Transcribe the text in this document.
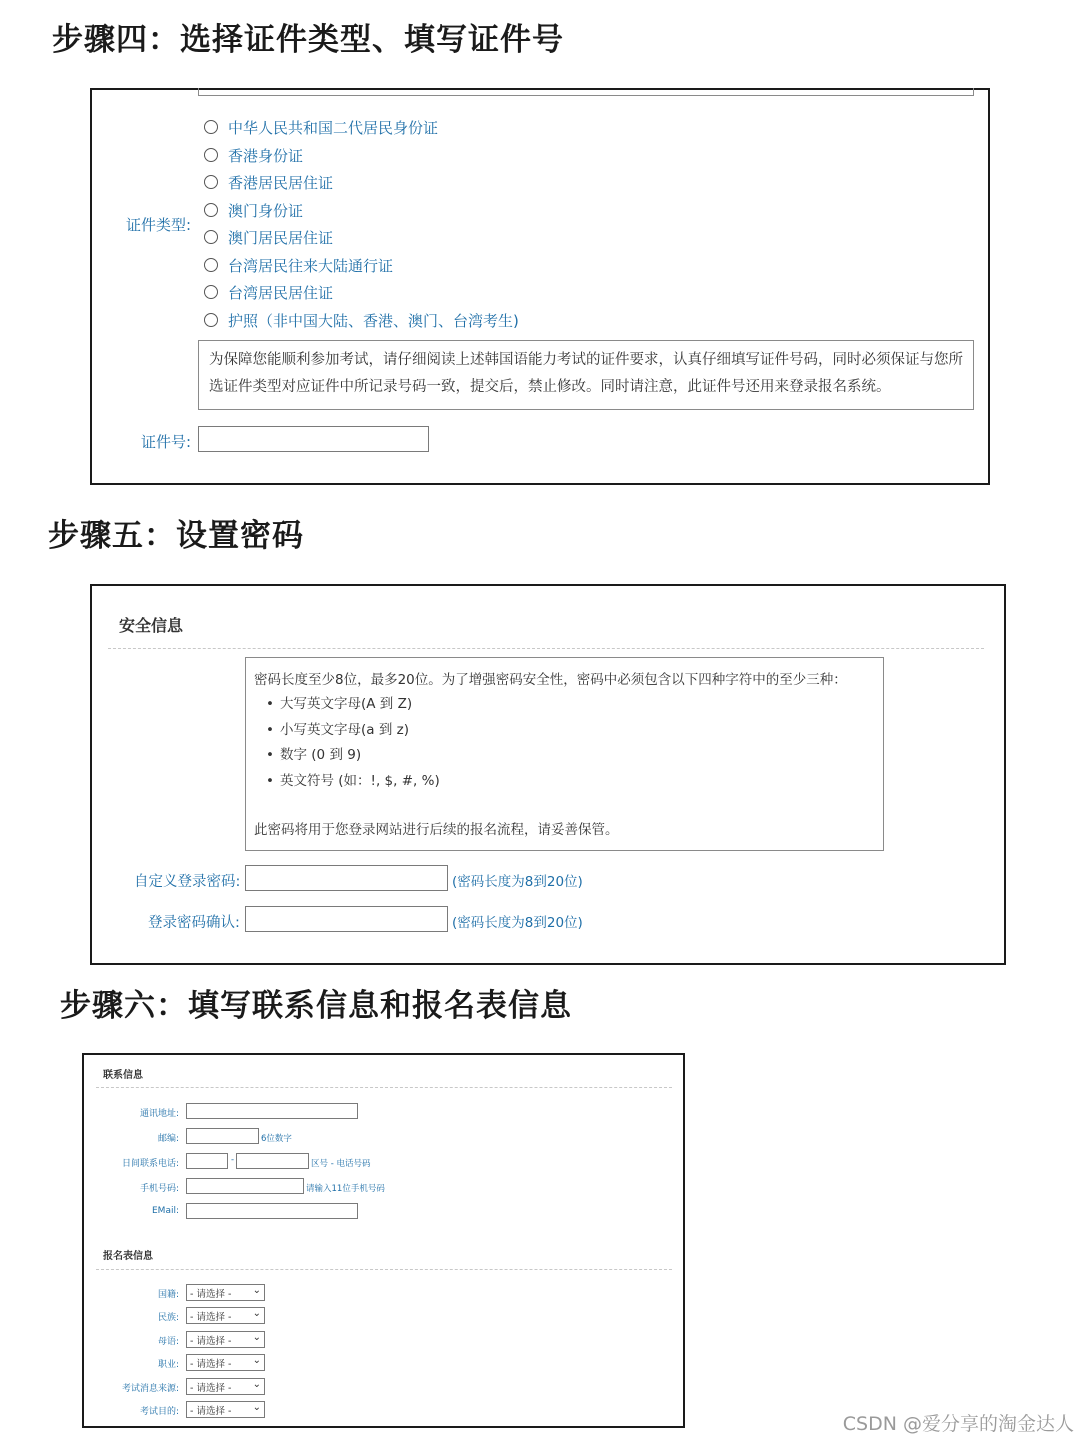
步骤四：选择证件类型、填写证件号
证件类型:
中华人民共和国二代居民身份证
香港身份证
香港居民居住证
澳门身份证
澳门居民居住证
台湾居民往来大陆通行证
台湾居民居住证
护照（非中国大陆、香港、澳门、台湾考生)
为保障您能顺利参加考试，请仔细阅读上述韩国语能力考试的证件要求，认真仔细填写证件号码，同时必须保证与您所选证件类型对应证件中所记录号码一致，提交后，禁止修改。同时请注意，此证件号还用来登录报名系统。
证件号:
步骤五：设置密码
安全信息
密码长度至少8位，最多20位。为了增强密码安全性，密码中必须包含以下四种字符中的至少三种：
• 大写英文字母(A 到 Z)
• 小写英文字母(a 到 z)
• 数字 (0 到 9)
• 英文符号 (如：!, $, #, %)
此密码将用于您登录网站进行后续的报名流程，请妥善保管。
自定义登录密码:	(密码长度为8到20位)
登录密码确认:	(密码长度为8到20位)
步骤六：填写联系信息和报名表信息
联系信息
通讯地址:
邮编:	6位数字
日间联系电话:	-	区号 - 电话号码
手机号码:	请输入11位手机号码
EMail:
报名表信息
国籍:	- 请选择 - ⌄
民族:	- 请选择 - ⌄
母语:	- 请选择 - ⌄
职业:	- 请选择 - ⌄
考试消息来源:	- 请选择 - ⌄
考试目的:	- 请选择 - ⌄
CSDN @爱分享的淘金达人
